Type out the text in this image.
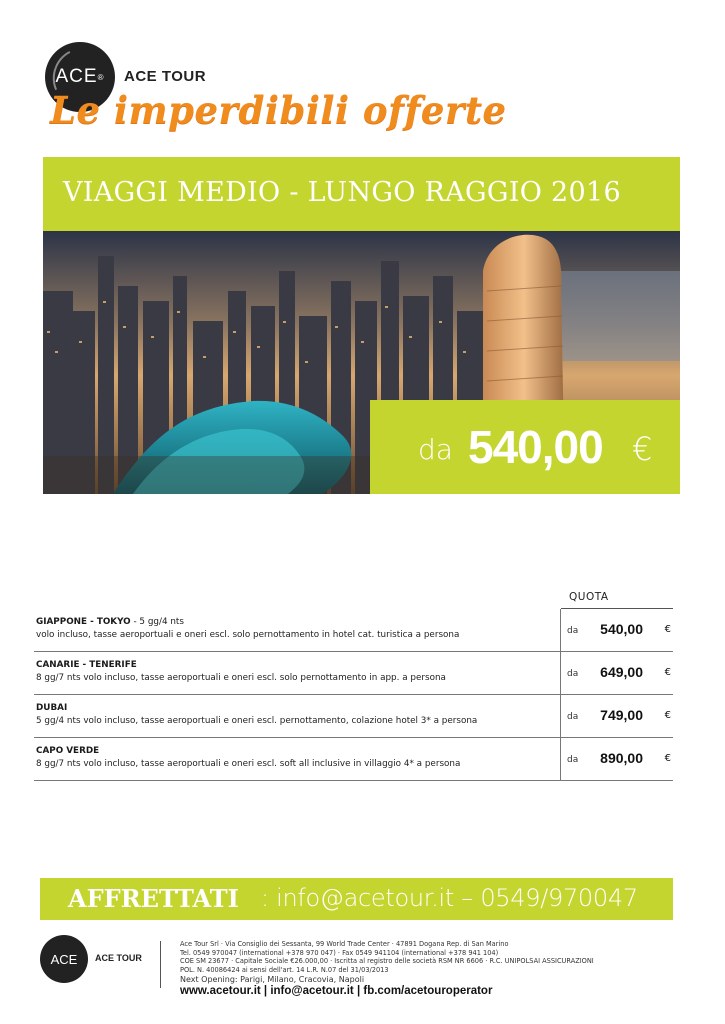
ACE ® ACE TOUR
Le imperdibili offerte
VIAGGI MEDIO - LUNGO RAGGIO 2016
da 540,00 €
QUOTA
GIAPPONE - TOKYO - 5 gg/4 nts
volo incluso, tasse aeroportuali e oneri escl. solo pernottamento in hotel cat. turistica a persona	da 540,00 €
CANARIE - TENERIFE
8 gg/7 nts volo incluso, tasse aeroportuali e oneri escl. solo pernottamento in app. a persona	da 649,00 €
DUBAI
5 gg/4 nts volo incluso, tasse aeroportuali e oneri escl. pernottamento, colazione hotel 3* a persona	da 749,00 €
CAPO VERDE
8 gg/7 nts volo incluso, tasse aeroportuali e oneri escl. soft all inclusive in villaggio 4* a persona	da 890,00 €
AFFRETTATI : info@acetour.it – 0549/970047
ACE ACE TOUR
Ace Tour Srl · Via Consiglio dei Sessanta, 99 World Trade Center · 47891 Dogana Rep. di San Marino
Tel. 0549 970047 (international +378 970 047) · Fax 0549 941104 (international +378 941 104)
COE SM 23677 · Capitale Sociale €26.000,00 · Iscritta al registro delle società RSM NR 6606 · R.C. UNIPOLSAI ASSICURAZIONI
POL. N. 40086424 ai sensi dell'art. 14 L.R. N.07 del 31/03/2013
Next Opening: Parigi, Milano, Cracovia, Napoli
www.acetour.it | info@acetour.it | fb.com/acetouroperator
